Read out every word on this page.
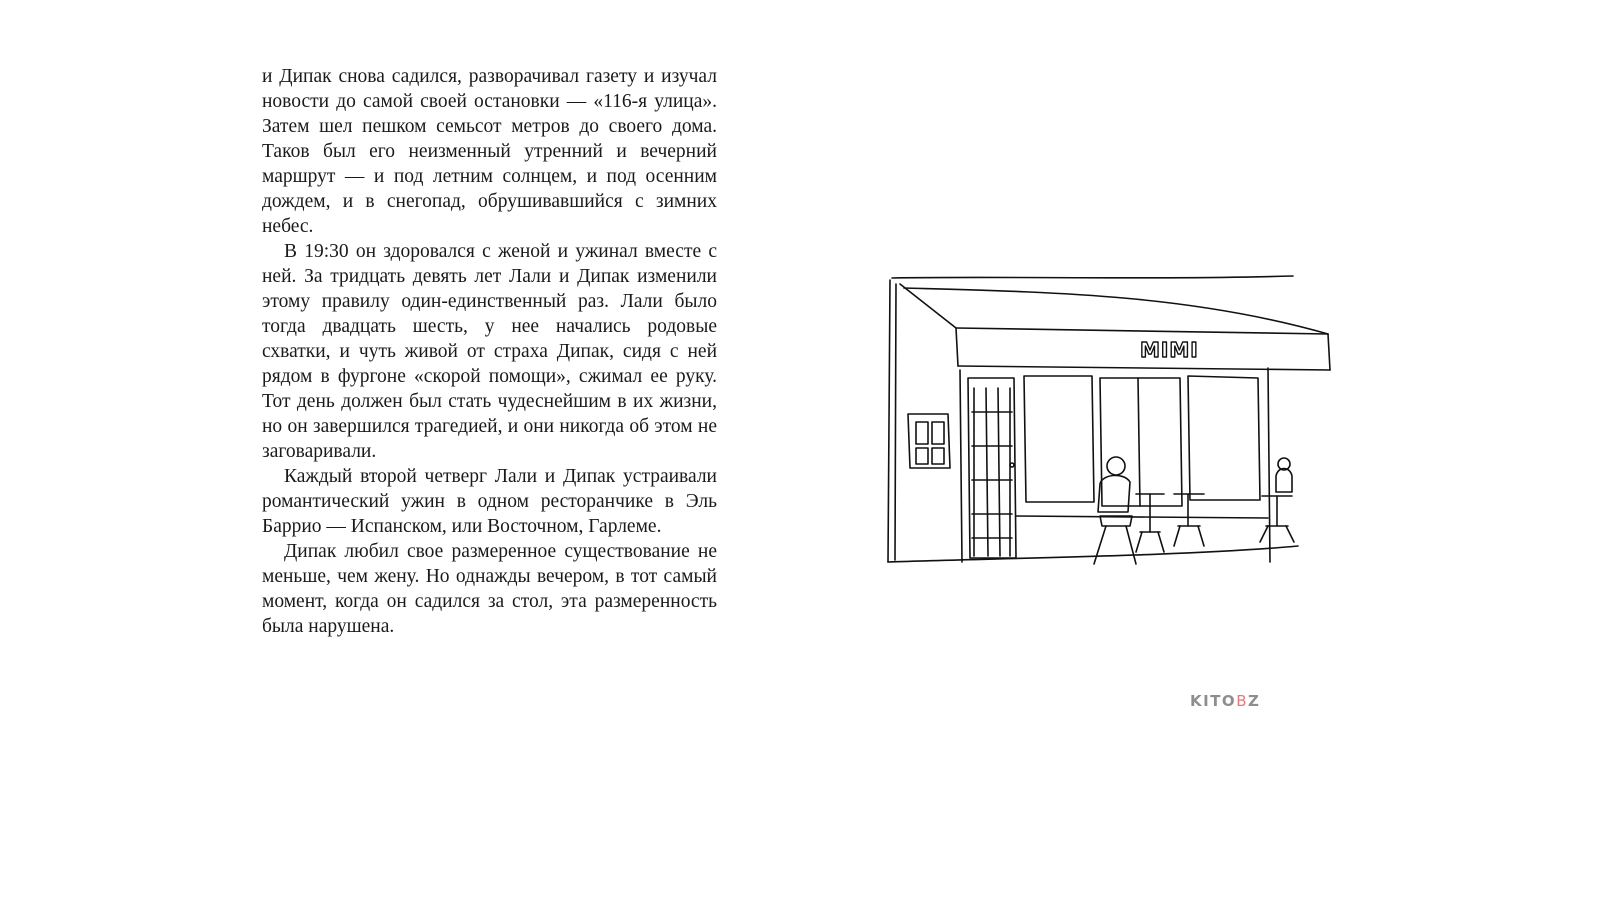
и Дипак снова садился, разворачивал газету и изучал новости до самой своей остановки — «116-я улица». Затем шел пешком семьсот метров до своего дома. Таков был его неизменный утренний и вечерний маршрут — и под летним солнцем, и под осенним дождем, и в снегопад, обрушивавшийся с зимних небес.

В 19:30 он здоровался с женой и ужинал вместе с ней. За тридцать девять лет Лали и Дипак изменили этому правилу один-единственный раз. Лали было тогда двадцать шесть, у нее начались родовые схватки, и чуть живой от страха Дипак, сидя с ней рядом в фургоне «скорой помощи», сжимал ее руку. Тот день должен был стать чудеснейшим в их жизни, но он завершился трагедией, и они никогда об этом не заговаривали.

Каждый второй четверг Лали и Дипак устраивали романтический ужин в одном ресторанчике в Эль Баррио — Испанском, или Восточном, Гарлеме.

Дипак любил свое размеренное существование не меньше, чем жену. Но однажды вечером, в тот самый момент, когда он садился за стол, эта размеренность была нарушена.

MIMI
KITO B Z
